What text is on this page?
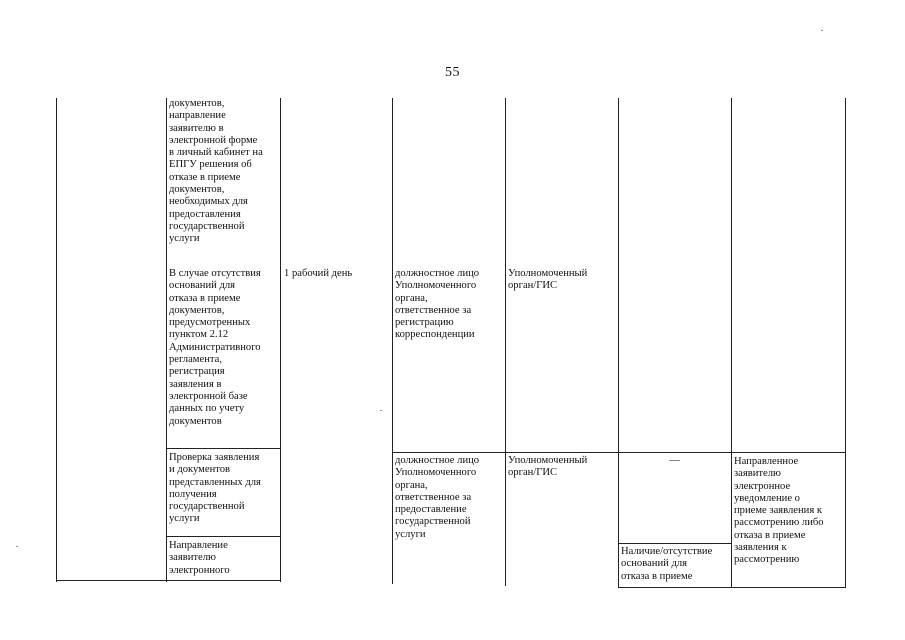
55
документов,
направление
заявителю в
электронной форме
в личный кабинет на
ЕПГУ решения об
отказе в приеме
документов,
необходимых для
предоставления
государственной
услуги
В случае отсутствия
оснований для
отказа в приеме
документов,
предусмотренных
пунктом 2.12
Административного
регламента,
регистрация
заявления в
электронной базе
данных по учету
документов
1 рабочий день	должностное лицо
Уполномоченного
органа,
ответственное за
регистрацию
корреспонденции
Уполномоченный
орган/ГИС
Проверка заявления
и документов
представленных для
получения
государственной
услуги
должностное лицо
Уполномоченного
органа,
ответственное за
предоставление
государственной
услуги
Уполномоченный
орган/ГИС
—	Направленное
заявителю
электронное
уведомление о
приеме заявления к
рассмотрению либо
отказа в приеме
заявления к
рассмотрению
Направление
заявителю
электронного
Наличие/отсутствие
оснований для
отказа в приеме
